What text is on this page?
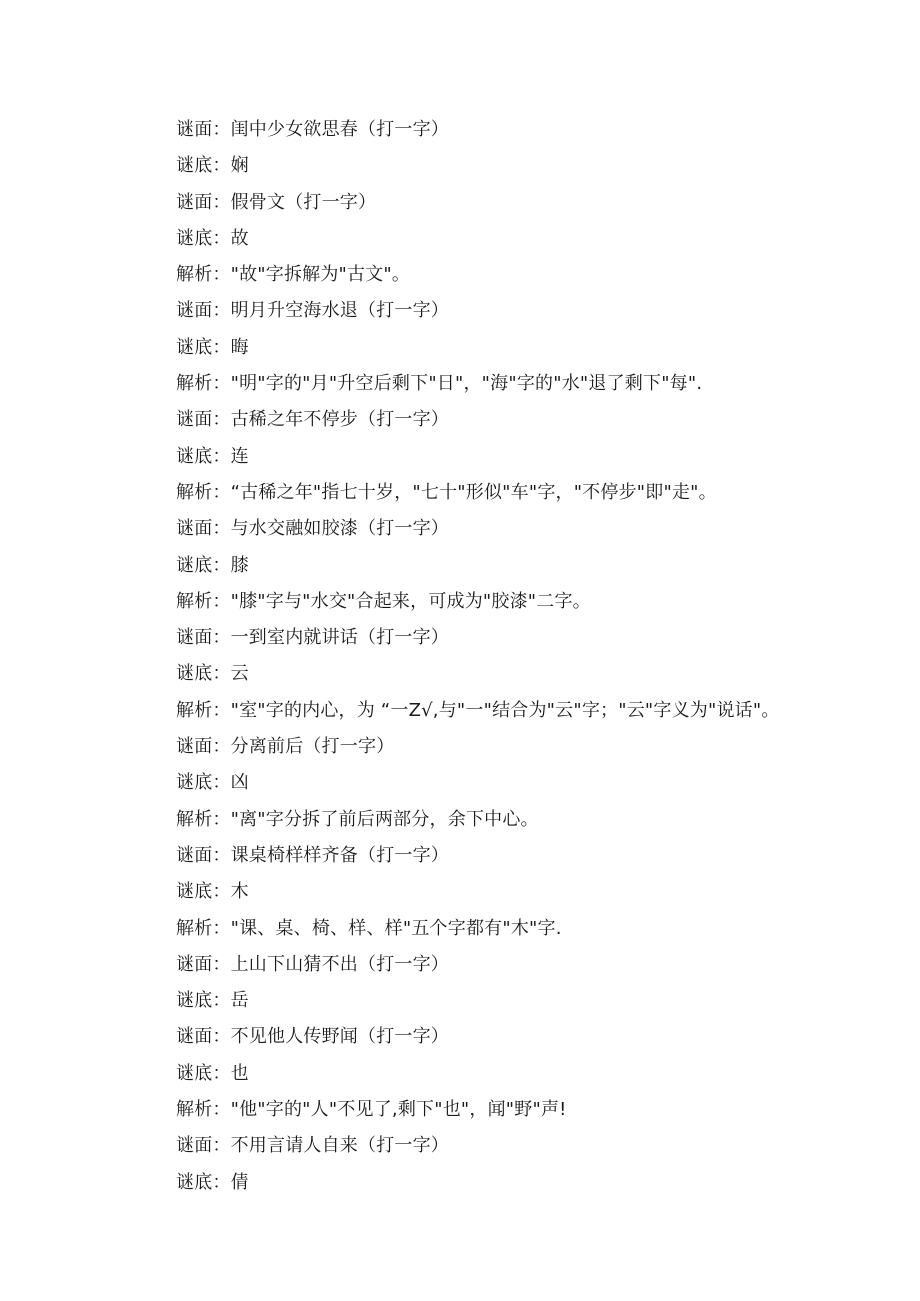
谜面：闺中少女欲思春（打一字）
谜底：娴
谜面：假骨文（打一字）
谜底：故
解析："故"字拆解为"古文"。
谜面：明月升空海水退（打一字）
谜底：晦
解析："明"字的"月"升空后剩下"日"，"海"字的"水"退了剩下"每".
谜面：古稀之年不停步（打一字）
谜底：连
解析：“古稀之年"指七十岁，"七十"形似"车"字，"不停步"即"走"。
谜面：与水交融如胶漆（打一字）
谜底：膝
解析："膝"字与"水交"合起来，可成为"胶漆"二字。
谜面：一到室内就讲话（打一字）
谜底：云
解析："室"字的内心，为 “一Z√,与"一"结合为"云"字；"云"字义为"说话"。
谜面：分离前后（打一字）
谜底：凶
解析："离"字分拆了前后两部分，余下中心。
谜面：课桌椅样样齐备（打一字）
谜底：木
解析："课、桌、椅、样、样"五个字都有"木"字.
谜面：上山下山猜不出（打一字）
谜底：岳
谜面：不见他人传野闻（打一字）
谜底：也
解析："他"字的"人"不见了,剩下"也"，闻"野"声!
谜面：不用言请人自来（打一字）
谜底：倩
